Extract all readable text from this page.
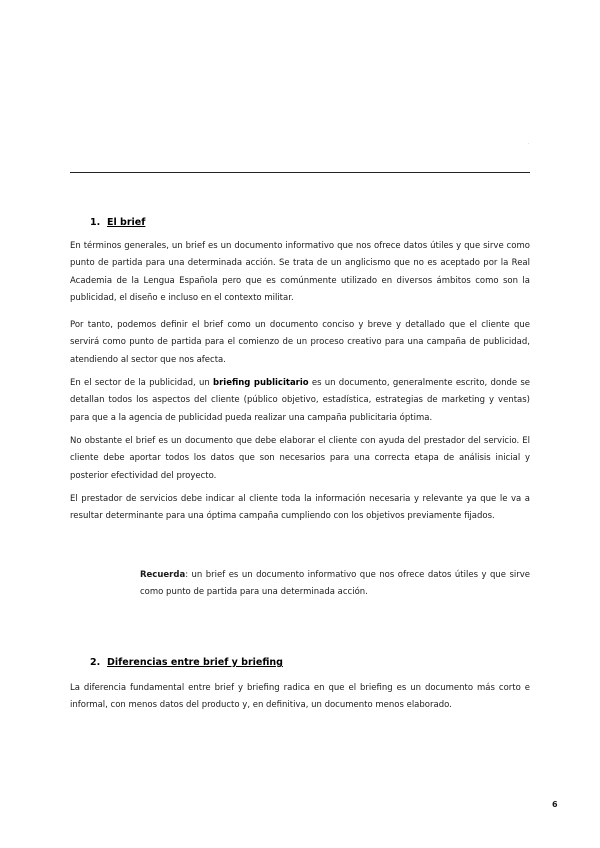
.
1. El brief

En términos generales, un brief es un documento informativo que nos ofrece datos útiles y que sirve como punto de partida para una determinada acción. Se trata de un anglicismo que no es aceptado por la Real Academia de la Lengua Española pero que es comúnmente utilizado en diversos ámbitos como son la publicidad, el diseño e incluso en el contexto militar.

Por tanto, podemos definir el brief como un documento conciso y breve y detallado que el cliente que servirá como punto de partida para el comienzo de un proceso creativo para una campaña de publicidad, atendiendo al sector que nos afecta.

En el sector de la publicidad, un briefing publicitario es un documento, generalmente escrito, donde se detallan todos los aspectos del cliente (público objetivo, estadística, estrategias de marketing y ventas) para que a la agencia de publicidad pueda realizar una campaña publicitaria óptima.

No obstante el brief es un documento que debe elaborar el cliente con ayuda del prestador del servicio. El cliente debe aportar todos los datos que son necesarios para una correcta etapa de análisis inicial y posterior efectividad del proyecto.

El prestador de servicios debe indicar al cliente toda la información necesaria y relevante ya que le va a resultar determinante para una óptima campaña cumpliendo con los objetivos previamente fijados.

Recuerda: un brief es un documento informativo que nos ofrece datos útiles y que sirve como punto de partida para una determinada acción.

2. Diferencias entre brief y briefing

La diferencia fundamental entre brief y briefing radica en que el briefing es un documento más corto e informal, con menos datos del producto y, en definitiva, un documento menos elaborado.

6
